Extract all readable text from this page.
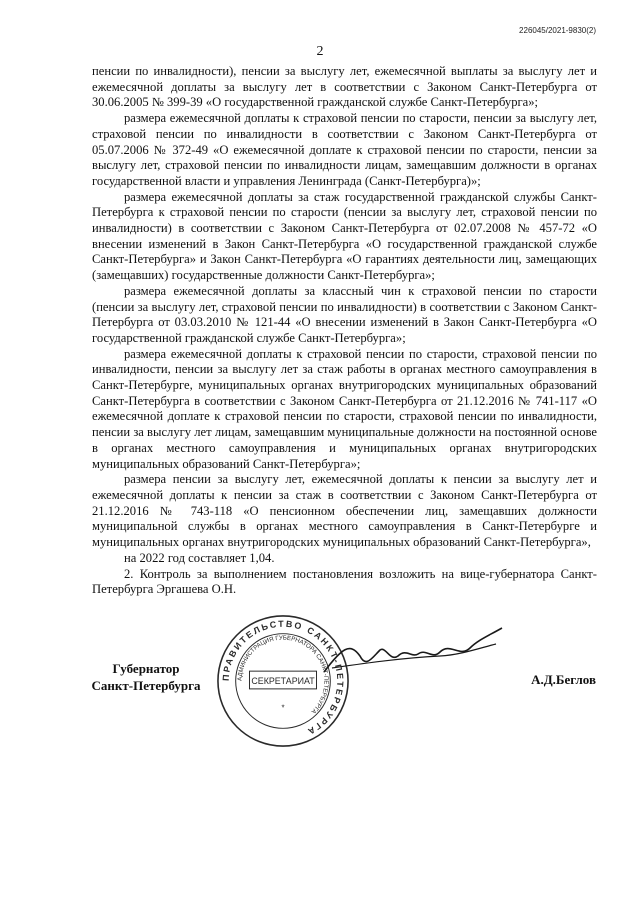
226045/2021-9830(2)
2

пенсии по инвалидности), пенсии за выслугу лет, ежемесячной выплаты за выслугу лет и ежемесячной доплаты за выслугу лет в соответствии с Законом Санкт-Петербурга от 30.06.2005 № 399-39 «О государственной гражданской службе Санкт-Петербурга»;

размера ежемесячной доплаты к страховой пенсии по старости, пенсии за выслугу лет, страховой пенсии по инвалидности в соответствии с Законом Санкт-Петербурга от 05.07.2006 № 372-49 «О ежемесячной доплате к страховой пенсии по старости, пенсии за выслугу лет, страховой пенсии по инвалидности лицам, замещавшим должности в органах государственной власти и управления Ленинграда (Санкт-Петербурга)»;

размера ежемесячной доплаты за стаж государственной гражданской службы Санкт-Петербурга к страховой пенсии по старости (пенсии за выслугу лет, страховой пенсии по инвалидности) в соответствии с Законом Санкт-Петербурга от 02.07.2008 № 457-72 «О внесении изменений в Закон Санкт-Петербурга «О государственной гражданской службе Санкт-Петербурга» и Закон Санкт-Петербурга «О гарантиях деятельности лиц, замещающих (замещавших) государственные должности Санкт-Петербурга»;

размера ежемесячной доплаты за классный чин к страховой пенсии по старости (пенсии за выслугу лет, страховой пенсии по инвалидности) в соответствии с Законом Санкт-Петербурга от 03.03.2010 № 121-44 «О внесении изменений в Закон Санкт-Петербурга «О государственной гражданской службе Санкт-Петербурга»;

размера ежемесячной доплаты к страховой пенсии по старости, страховой пенсии по инвалидности, пенсии за выслугу лет за стаж работы в органах местного самоуправления в Санкт-Петербурге, муниципальных органах внутригородских муниципальных образований Санкт-Петербурга в соответствии с Законом Санкт-Петербурга от 21.12.2016 № 741-117 «О ежемесячной доплате к страховой пенсии по старости, страховой пенсии по инвалидности, пенсии за выслугу лет лицам, замещавшим муниципальные должности на постоянной основе в органах местного самоуправления и муниципальных органах внутригородских муниципальных образований Санкт-Петербурга»;

размера пенсии за выслугу лет, ежемесячной доплаты к пенсии за выслугу лет и ежемесячной доплаты к пенсии за стаж в соответствии с Законом Санкт-Петербурга от 21.12.2016 № 743-118 «О пенсионном обеспечении лиц, замещавших должности муниципальной службы в органах местного самоуправления в Санкт-Петербурге и муниципальных органах внутригородских муниципальных образований Санкт-Петербурга»,

на 2022 год составляет 1,04.

2. Контроль за выполнением постановления возложить на вице-губернатора Санкт-Петербурга Эргашева О.Н.

Губернатор
Санкт-Петербурга
ПРАВИТЕЛЬСТВО САНКТ-ПЕТЕРБУРГА
АДМИНИСТРАЦИЯ ГУБЕРНАТОРА САНКТ-ПЕТЕРБУРГА
СЕКРЕТАРИАТ
*
А.Д.Беглов
